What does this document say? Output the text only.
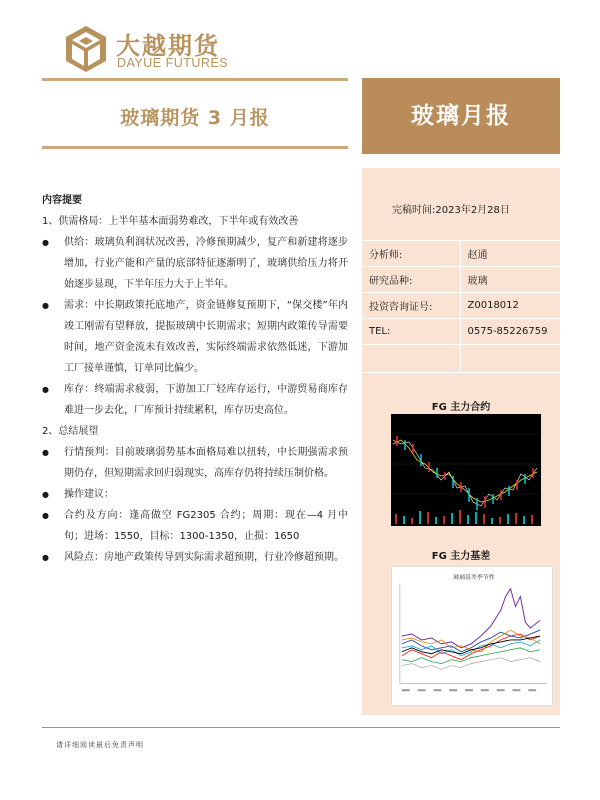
大越期货
DAYUE FUTURES
玻璃期货 3 月报	玻璃月报
完稿时间:2023年2月28日
分析师:	赵通
研究品种:	玻璃
投资咨询证号:	Z0018012
TEL:	0575-85226759

FG 主力合约
FG 主力基差
玻璃基差季节性
内容提要
1、供需格局：上半年基本面弱势难改，下半年或有效改善
●	供给：玻璃负利润状况改善，冷修预期减少，复产和新建将逐步增加，行业产能和产量的底部特征逐渐明了，玻璃供给压力将开始逐步显现，下半年压力大于上半年。
●	需求：中长期政策托底地产，资金链修复预期下，“保交楼”年内竣工刚需有望释放，提振玻璃中长期需求；短期内政策传导需要时间，地产资金流未有效改善，实际终端需求依然低迷，下游加工厂接单谨慎，订单同比偏少。
●	库存：终端需求疲弱，下游加工厂轻库存运行，中游贸易商库存难进一步去化，厂库预计持续累积，库存历史高位。
2、总结展望
●	行情预判：目前玻璃弱势基本面格局难以扭转，中长期强需求预期仍存，但短期需求回归弱现实，高库存仍将持续压制价格。
●	操作建议：
●	合约及方向：逢高做空 FG2305 合约；周期：现在—4 月中旬；进场：1550，目标：1300-1350，止损：1650
●	风险点：房地产政策传导到实际需求超预期，行业冷修超预期。
请详细阅读最后免责声明
